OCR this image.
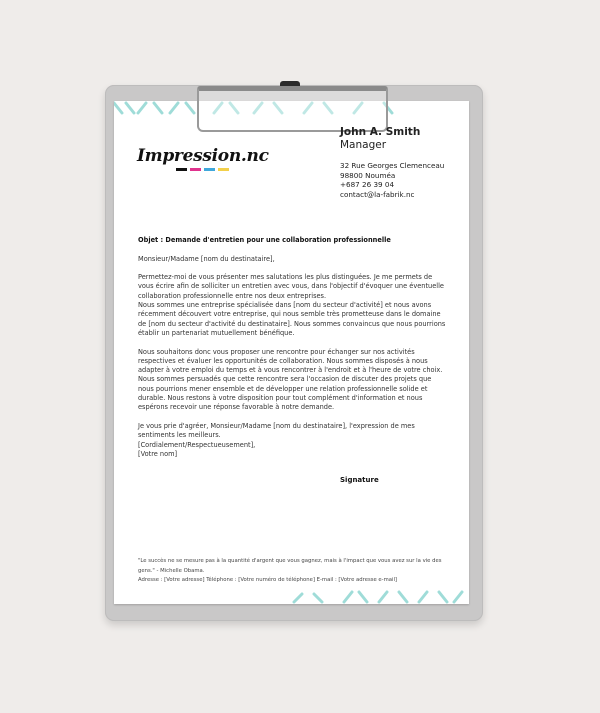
Impression.nc
John A. Smith
Manager
32 Rue Georges Clemenceau
98800 Nouméa
+687 26 39 04
contact@la-fabrik.nc

Objet : Demande d'entretien pour une collaboration professionnelle

Monsieur/Madame [nom du destinataire],

Permettez-moi de vous présenter mes salutations les plus distinguées. Je me permets de vous écrire afin de solliciter un entretien avec vous, dans l'objectif d'évoquer une éventuelle collaboration professionnelle entre nos deux entreprises.

Nous sommes une entreprise spécialisée dans [nom du secteur d'activité] et nous avons récemment découvert votre entreprise, qui nous semble très prometteuse dans le domaine de [nom du secteur d'activité du destinataire]. Nous sommes convaincus que nous pourrions établir un partenariat mutuellement bénéfique.

Nous souhaitons donc vous proposer une rencontre pour échanger sur nos activités respectives et évaluer les opportunités de collaboration. Nous sommes disposés à nous adapter à votre emploi du temps et à vous rencontrer à l'endroit et à l'heure de votre choix.

Nous sommes persuadés que cette rencontre sera l'occasion de discuter des projets que nous pourrions mener ensemble et de développer une relation professionnelle solide et durable. Nous restons à votre disposition pour tout complément d'information et nous espérons recevoir une réponse favorable à notre demande.

Je vous prie d'agréer, Monsieur/Madame [nom du destinataire], l'expression de mes sentiments les meilleurs.

[Cordialement/Respectueusement],

[Votre nom]

Signature
"Le succès ne se mesure pas à la quantité d'argent que vous gagnez, mais à l'impact que vous avez sur la vie des gens." - Michelle Obama.
Adresse : [Votre adresse] Téléphone : [Votre numéro de téléphone] E-mail : [Votre adresse e-mail]
